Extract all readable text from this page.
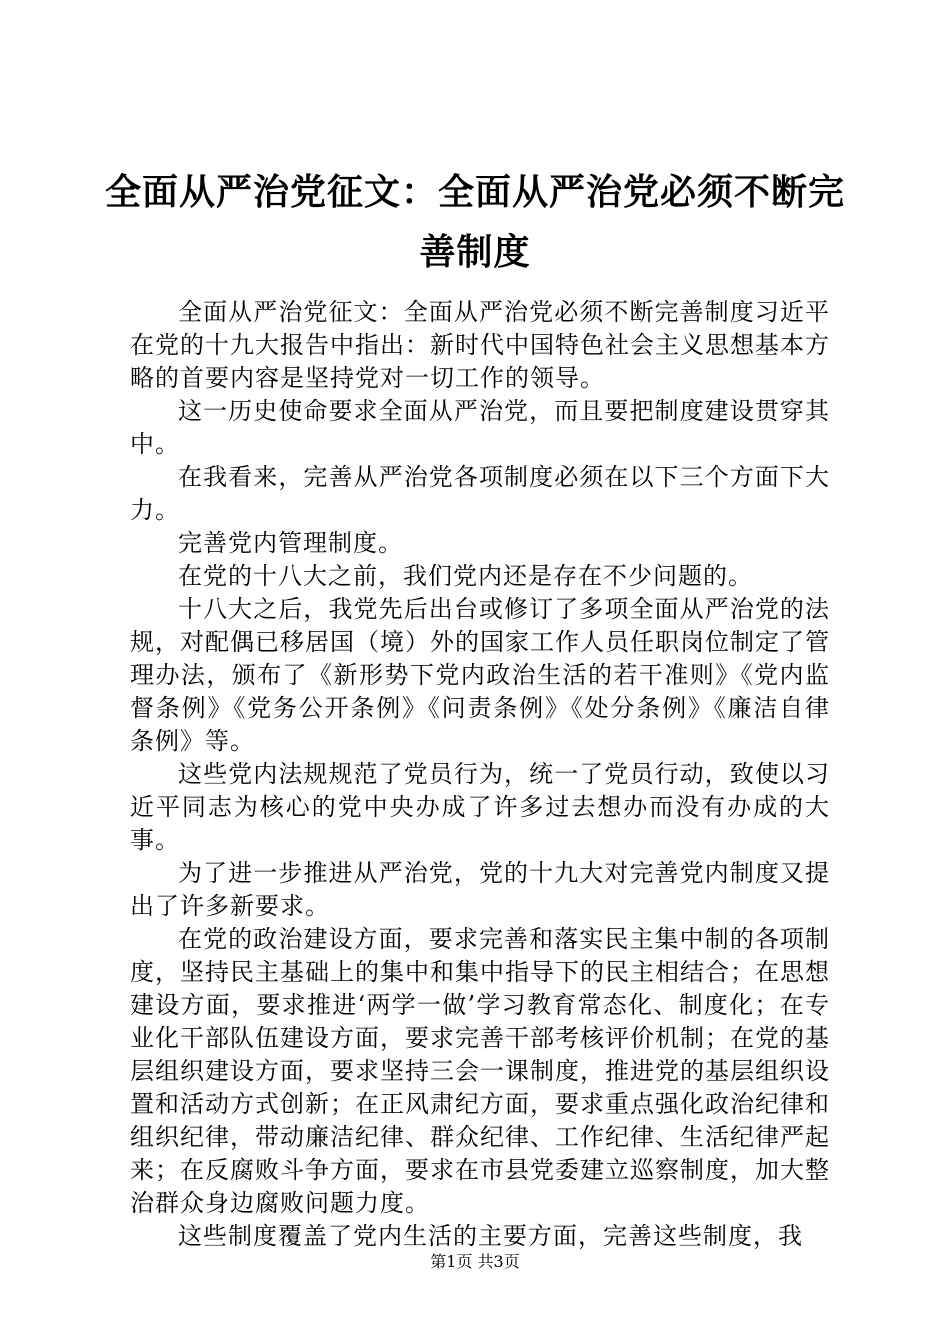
全面从严治党征文：全面从严治党必须不断完善制度

全面从严治党征文：全面从严治党必须不断完善制度习近平在党的十九大报告中指出：新时代中国特色社会主义思想基本方略的首要内容是坚持党对一切工作的领导。

这一历史使命要求全面从严治党，而且要把制度建设贯穿其中。

在我看来，完善从严治党各项制度必须在以下三个方面下大力。

完善党内管理制度。

在党的十八大之前，我们党内还是存在不少问题的。

十八大之后，我党先后出台或修订了多项全面从严治党的法规，对配偶已移居国（境）外的国家工作人员任职岗位制定了管理办法，颁布了《新形势下党内政治生活的若干准则》《党内监督条例》《党务公开条例》《问责条例》《处分条例》《廉洁自律条例》等。

这些党内法规规范了党员行为，统一了党员行动，致使以习近平同志为核心的党中央办成了许多过去想办而没有办成的大事。

为了进一步推进从严治党，党的十九大对完善党内制度又提出了许多新要求。

在党的政治建设方面，要求完善和落实民主集中制的各项制度，坚持民主基础上的集中和集中指导下的民主相结合；在思想建设方面，要求推进‘两学一做’学习教育常态化、制度化；在专业化干部队伍建设方面，要求完善干部考核评价机制；在党的基层组织建设方面，要求坚持三会一课制度，推进党的基层组织设置和活动方式创新；在正风肃纪方面，要求重点强化政治纪律和组织纪律，带动廉洁纪律、群众纪律、工作纪律、生活纪律严起来；在反腐败斗争方面，要求在市县党委建立巡察制度，加大整治群众身边腐败问题力度。

这些制度覆盖了党内生活的主要方面，完善这些制度，我

第1页 共3页
